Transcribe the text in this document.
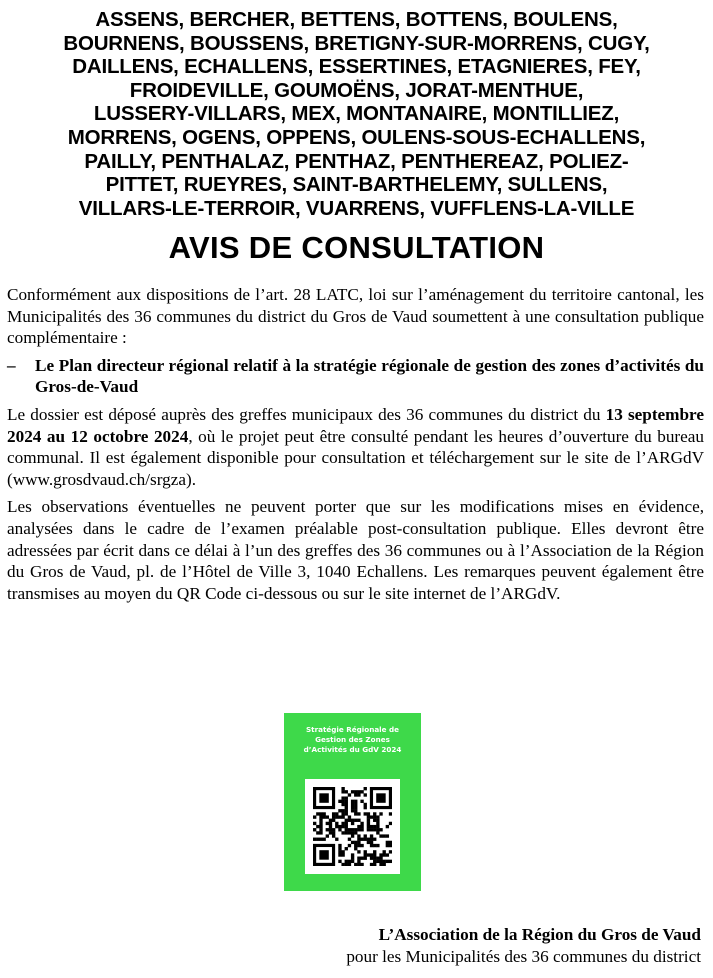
ASSENS, BERCHER, BETTENS, BOTTENS, BOULENS,
BOURNENS, BOUSSENS, BRETIGNY-SUR-MORRENS, CUGY,
DAILLENS, ECHALLENS, ESSERTINES, ETAGNIERES, FEY,
FROIDEVILLE, GOUMOËNS, JORAT-MENTHUE,
LUSSERY-VILLARS, MEX, MONTANAIRE, MONTILLIEZ,
MORRENS, OGENS, OPPENS, OULENS-SOUS-ECHALLENS,
PAILLY, PENTHALAZ, PENTHAZ, PENTHEREAZ, POLIEZ-
PITTET, RUEYRES, SAINT-BARTHELEMY, SULLENS,
VILLARS-LE-TERROIR, VUARRENS, VUFFLENS-LA-VILLE
AVIS DE CONSULTATION

Conformément aux dispositions de l’art. 28 LATC, loi sur l’aménagement du territoire cantonal, les Municipalités des 36 communes du district du Gros de Vaud soumettent à une consultation publique complémentaire :

–	Le Plan directeur régional relatif à la stratégie régionale de gestion des zones d’activités du Gros-de-Vaud

Le dossier est déposé auprès des greffes municipaux des 36 communes du district du 13 septembre 2024 au 12 octobre 2024, où le projet peut être consulté pendant les heures d’ouverture du bureau communal. Il est également disponible pour consultation et téléchargement sur le site de l’ARGdV (www.grosdvaud.ch/srgza).

Les observations éventuelles ne peuvent porter que sur les modifications mises en évidence, analysées dans le cadre de l’examen préalable post-consultation publique. Elles devront être adressées par écrit dans ce délai à l’un des greffes des 36 communes ou à l’Association de la Région du Gros de Vaud, pl. de l’Hôtel de Ville 3, 1040 Echallens. Les remarques peuvent également être transmises au moyen du QR Code ci-dessous ou sur le site internet de l’ARGdV.

Stratégie Régionale de
Gestion des Zones
d’Activités du GdV 2024
L’Association de la Région du Gros de Vaud
pour les Municipalités des 36 communes du district
